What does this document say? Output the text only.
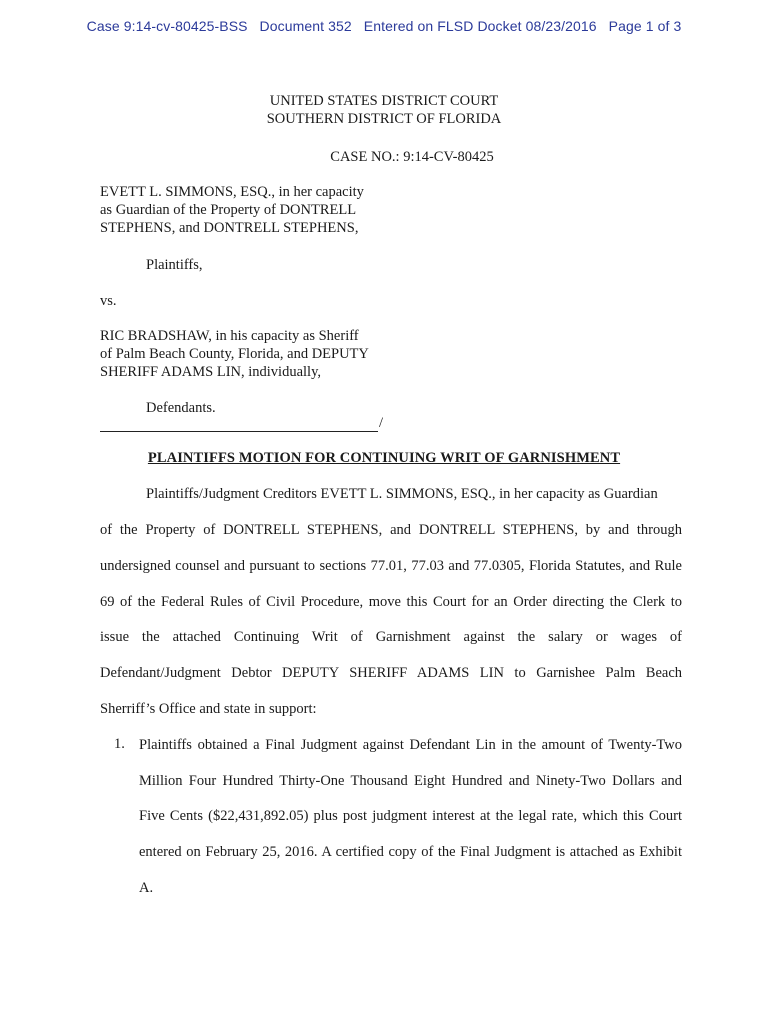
Case 9:14-cv-80425-BSS   Document 352   Entered on FLSD Docket 08/23/2016   Page 1 of 3
UNITED STATES DISTRICT COURT
SOUTHERN DISTRICT OF FLORIDA
CASE NO.: 9:14-CV-80425
EVETT L. SIMMONS, ESQ., in her capacity
as Guardian of the Property of DONTRELL
STEPHENS, and DONTRELL STEPHENS,
Plaintiffs,
vs.
RIC BRADSHAW, in his capacity as Sheriff
of Palm Beach County, Florida, and DEPUTY
SHERIFF ADAMS LIN, individually,
Defendants.
/
PLAINTIFFS MOTION FOR CONTINUING WRIT OF GARNISHMENT
Plaintiffs/Judgment Creditors EVETT L. SIMMONS, ESQ., in her capacity as Guardian
of the Property of DONTRELL STEPHENS, and DONTRELL STEPHENS, by and through
undersigned counsel and pursuant to sections 77.01, 77.03 and 77.0305, Florida Statutes, and Rule
69 of the Federal Rules of Civil Procedure, move this Court for an Order directing the Clerk to
issue the attached Continuing Writ of Garnishment against the salary or wages of
Defendant/Judgment Debtor DEPUTY SHERIFF ADAMS LIN to Garnishee Palm Beach
Sherriff’s Office and state in support:
1. Plaintiffs obtained a Final Judgment against Defendant Lin in the amount of Twenty-Two
Million Four Hundred Thirty-One Thousand Eight Hundred and Ninety-Two Dollars and
Five Cents ($22,431,892.05) plus post judgment interest at the legal rate, which this Court
entered on February 25, 2016. A certified copy of the Final Judgment is attached as Exhibit
A.
